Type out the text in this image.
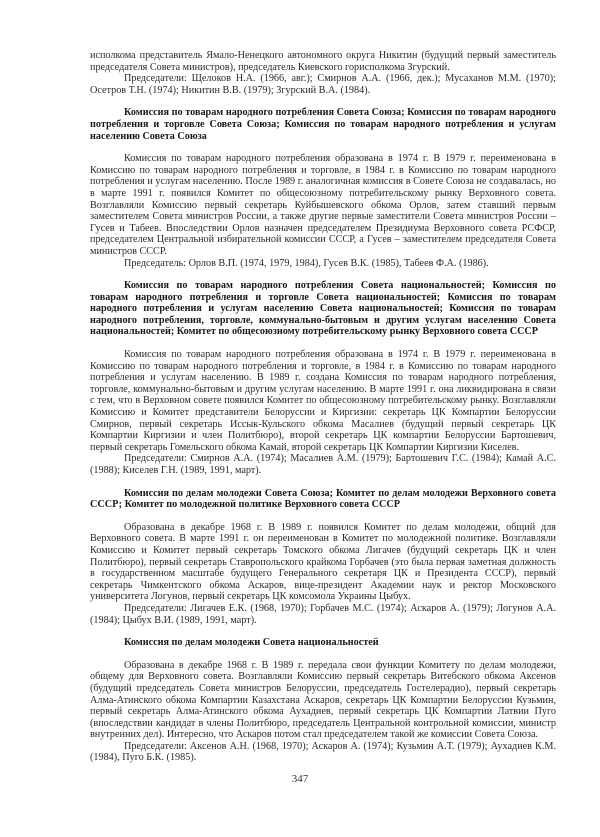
исполкома представитель Ямало-Ненецкого автономного округа Никитин (будущий первый заместитель председателя Совета министров), председатель Киевского горисполкома Згурский.

Председатели: Щелоков Н.А. (1966, авг.); Смирнов А.А. (1966, дек.); Мусаханов М.М. (1970); Осетров Т.Н. (1974); Никитин В.В. (1979); Згурский В.А. (1984).

Комиссия по товарам народного потребления Совета Союза; Комиссия по товарам народного потребления и торговле Совета Союза; Комиссия по товарам народного потребления и услугам населению Совета Союза

Комиссия по товарам народного потребления образована в 1974 г. В 1979 г. переименована в Комиссию по товарам народного потребления и торговле, в 1984 г. в Комиссию по товарам народного потребления и услугам населению. После 1989 г. аналогичная комиссия в Совете Союза не создавалась, но в марте 1991 г. появился Комитет по общесоюзному потребительскому рынку Верховного совета. Возглавляли Комиссию первый секретарь Куйбышевского обкома Орлов, затем ставший первым заместителем Совета министров России, а также другие первые заместители Совета министров России – Гусев и Табеев. Впоследствии Орлов назначен председателем Президиума Верховного совета РСФСР, председателем Центральной избирательной комиссии СССР, а Гусев – заместителем председателя Совета министров СССР.

Председатель: Орлов В.П. (1974, 1979, 1984), Гусев В.К. (1985), Табеев Ф.А. (1986).

Комиссия по товарам народного потребления Совета национальностей; Комиссия по товарам народного потребления и торговле Совета национальностей; Комиссия по товарам народного потребления и услугам населению Совета национальностей; Комиссия по товарам народного потребления, торговле, коммунально-бытовым и другим услугам населению Совета национальностей; Комитет по общесоюзному потребительскому рынку Верховного совета СССР

Комиссия по товарам народного потребления образована в 1974 г. В 1979 г. переименована в Комиссию по товарам народного потребления и торговле, в 1984 г. в Комиссию по товарам народного потребления и услугам населению. В 1989 г. создана Комиссия по товарам народного потребления, торговле, коммунально-бытовым и другим услугам населению. В марте 1991 г. она ликвидирована в связи с тем, что в Верховном совете появился Комитет по общесоюзному потребительскому рынку. Возглавляли Комиссию и Комитет представители Белоруссии и Киргизии: секретарь ЦК Компартии Белоруссии Смирнов, первый секретарь Иссык-Кульского обкома Масалиев (будущий первый секретарь ЦК Компартии Киргизии и член Политбюро), второй секретарь ЦК компартии Белоруссии Бартошевич, первый секретарь Гомельского обкома Камай, второй секретарь ЦК Компартии Киргизии Киселев.

Председатели: Смирнов А.А. (1974); Масалиев А.М. (1979); Бартошевич Г.С. (1984); Камай А.С. (1988); Киселев Г.Н. (1989, 1991, март).

Комиссия по делам молодежи Совета Союза; Комитет по делам молодежи Верховного совета СССР; Комитет по молодежной политике Верховного совета СССР

Образована в декабре 1968 г. В 1989 г. появился Комитет по делам молодежи, общий для Верховного совета. В марте 1991 г. он переименован в Комитет по молодежной политике. Возглавляли Комиссию и Комитет первый секретарь Томского обкома Лигачев (будущий секретарь ЦК и член Политбюро), первый секретарь Ставропольского крайкома Горбачев (это была первая заметная должность в государственном масштабе будущего Генерального секретаря ЦК и Президента СССР), первый секретарь Чимкентского обкома Аскаров, вице-президент Академии наук и ректор Московского университета Логунов, первый секретарь ЦК комсомола Украины Цыбух.

Председатели: Лигачев Е.К. (1968, 1970); Горбачев М.С. (1974); Аскаров А. (1979); Логунов А.А. (1984); Цыбух В.И. (1989, 1991, март).

Комиссия по делам молодежи Совета национальностей

Образована в декабре 1968 г. В 1989 г. передала свои функции Комитету по делам молодежи, общему для Верховного совета. Возглавляли Комиссию первый секретарь Витебского обкома Аксенов (будущий председатель Совета министров Белоруссии, председатель Гостелерадио), первый секретарь Алма-Атинского обкома Компартии Казахстана Аскаров, секретарь ЦК Компартии Белоруссии Кузьмин, первый секретарь Алма-Атинского обкома Аухадиев, первый секретарь ЦК Компартии Латвии Пуго (впоследствии кандидат в члены Политбюро, председатель Центральной контрольной комиссии, министр внутренних дел). Интересно, что Аскаров потом стал председателем такой же комиссии Совета Союза.

Председатели: Аксенов А.Н. (1968, 1970); Аскаров А. (1974); Кузьмин А.Т. (1979); Аухадиев К.М. (1984), Пуго Б.К. (1985).

347
